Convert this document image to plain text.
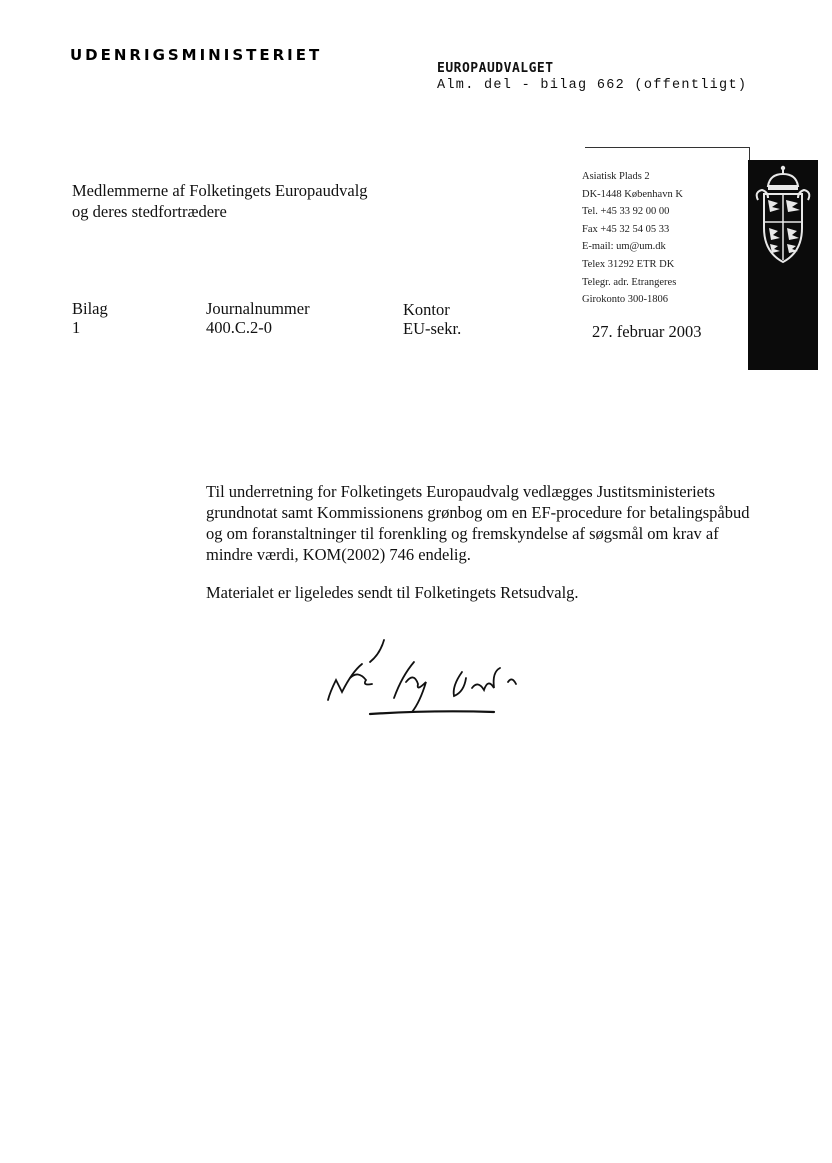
UDENRIGSMINISTERIET
EUROPAUDVALGET
Alm. del - bilag 662 (offentligt)
Asiatisk Plads 2
DK-1448 København K
Tel. +45 33 92 00 00
Fax +45 32 54 05 33
E-mail: um@um.dk
Telex 31292 ETR DK
Telegr. adr. Etrangeres
Girokonto 300-1806
Medlemmerne af Folketingets Europaudvalg
og deres stedfortrædere
Bilag
1
Journalnummer
400.C.2-0
Kontor
EU-sekr.	27. februar 2003

Til underretning for Folketingets Europaudvalg vedlægges Justitsministeriets grundnotat samt Kommissionens grønbog om en EF-procedure for betalingspåbud og om foranstaltninger til forenkling og fremskyndelse af søgsmål om krav af mindre værdi, KOM(2002) 746 endelig.

Materialet er ligeledes sendt til Folketingets Retsudvalg.
